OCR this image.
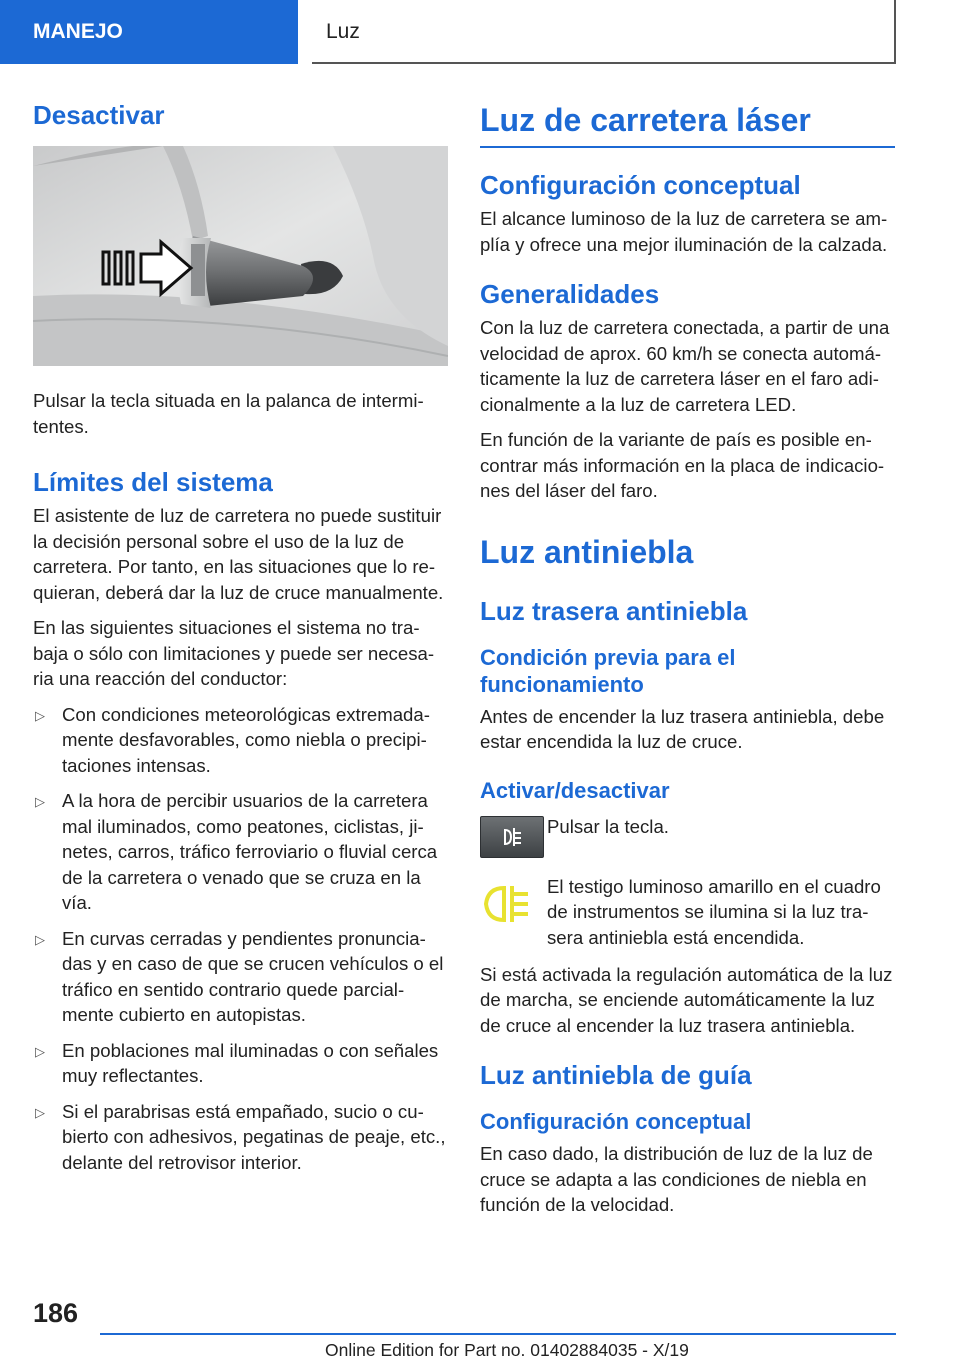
MANEJO	Luz
Desactivar

Pulsar la tecla situada en la palanca de intermitentes.

Límites del sistema

El asistente de luz de carretera no puede sustituir la decisión personal sobre el uso de la luz de carretera. Por tanto, en las situaciones que lo requieran, deberá dar la luz de cruce manualmente.

En las siguientes situaciones el sistema no trabaja o sólo con limitaciones y puede ser necesaria una reacción del conductor:

▷ Con condiciones meteorológicas extremadamente desfavorables, como niebla o precipitaciones intensas.
▷ A la hora de percibir usuarios de la carretera mal iluminados, como peatones, ciclistas, jinetes, carros, tráfico ferroviario o fluvial cerca de la carretera o venado que se cruza en la vía.
▷ En curvas cerradas y pendientes pronunciadas y en caso de que se crucen vehículos o el tráfico en sentido contrario quede parcialmente cubierto en autopistas.
▷ En poblaciones mal iluminadas o con señales muy reflectantes.
▷ Si el parabrisas está empañado, sucio o cubierto con adhesivos, pegatinas de peaje, etc., delante del retrovisor interior.
Luz de carretera láser
Configuración conceptual

El alcance luminoso de la luz de carretera se amplía y ofrece una mejor iluminación de la calzada.

Generalidades

Con la luz de carretera conectada, a partir de una velocidad de aprox. 60 km/h se conecta automáticamente la luz de carretera láser en el faro adicionalmente a la luz de carretera LED.

En función de la variante de país es posible encontrar más información en la placa de indicaciones del láser del faro.

Luz antiniebla
Luz trasera antiniebla
Condición previa para el funcionamiento

Antes de encender la luz trasera antiniebla, debe estar encendida la luz de cruce.

Activar/desactivar

Pulsar la tecla.

El testigo luminoso amarillo en el cuadro de instrumentos se ilumina si la luz trasera antiniebla está encendida.

Si está activada la regulación automática de la luz de marcha, se enciende automáticamente la luz de cruce al encender la luz trasera antiniebla.

Luz antiniebla de guía
Configuración conceptual

En caso dado, la distribución de luz de la luz de cruce se adapta a las condiciones de niebla en función de la velocidad.

186
Online Edition for Part no. 01402884035 - X/19
